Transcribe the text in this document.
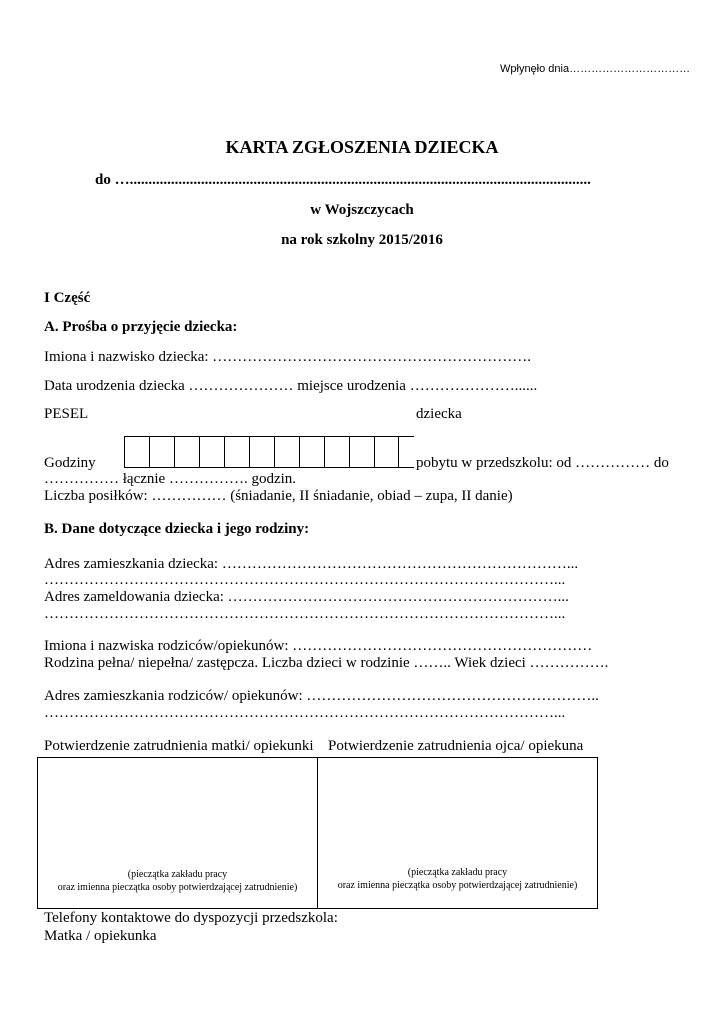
Wpłynęło dnia……………………………
KARTA ZGŁOSZENIA DZIECKA
do …...........................................................................................................................
w Wojszczycach
na rok szkolny 2015/2016
I Część
A. Prośba o przyjęcie dziecka:
Imiona i nazwisko dziecka: ……………………………………………………….
Data urodzenia dziecka ………………… miejsce urodzenia …………………......
PESEL	dziecka
Godziny	pobytu w przedszkolu: od …………… do
…………… łącznie ……………. godzin.
Liczba posiłków: …………… (śniadanie, II śniadanie, obiad – zupa, II danie)
B. Dane dotyczące dziecka i jego rodziny:
Adres zamieszkania dziecka: ……………………………………………………………...
…………………………………………………………………………………………...
Adres zameldowania dziecka: …………………………………………………………...
…………………………………………………………………………………………...
Imiona i nazwiska rodziców/opiekunów: ……………………………………………………
Rodzina pełna/ niepełna/ zastępcza. Liczba dzieci w rodzinie …….. Wiek dzieci …………….
Adres zamieszkania rodziców/ opiekunów: …………………………………………………..
…………………………………………………………………………………………...
Potwierdzenie zatrudnienia matki/ opiekunki Potwierdzenie zatrudnienia ojca/ opiekuna
(pieczątka zakładu pracy
oraz imienna pieczątka osoby potwierdzającej zatrudnienie)
(pieczątka zakładu pracy
oraz imienna pieczątka osoby potwierdzającej zatrudnienie)
Telefony kontaktowe do dyspozycji przedszkola:
Matka / opiekunka
